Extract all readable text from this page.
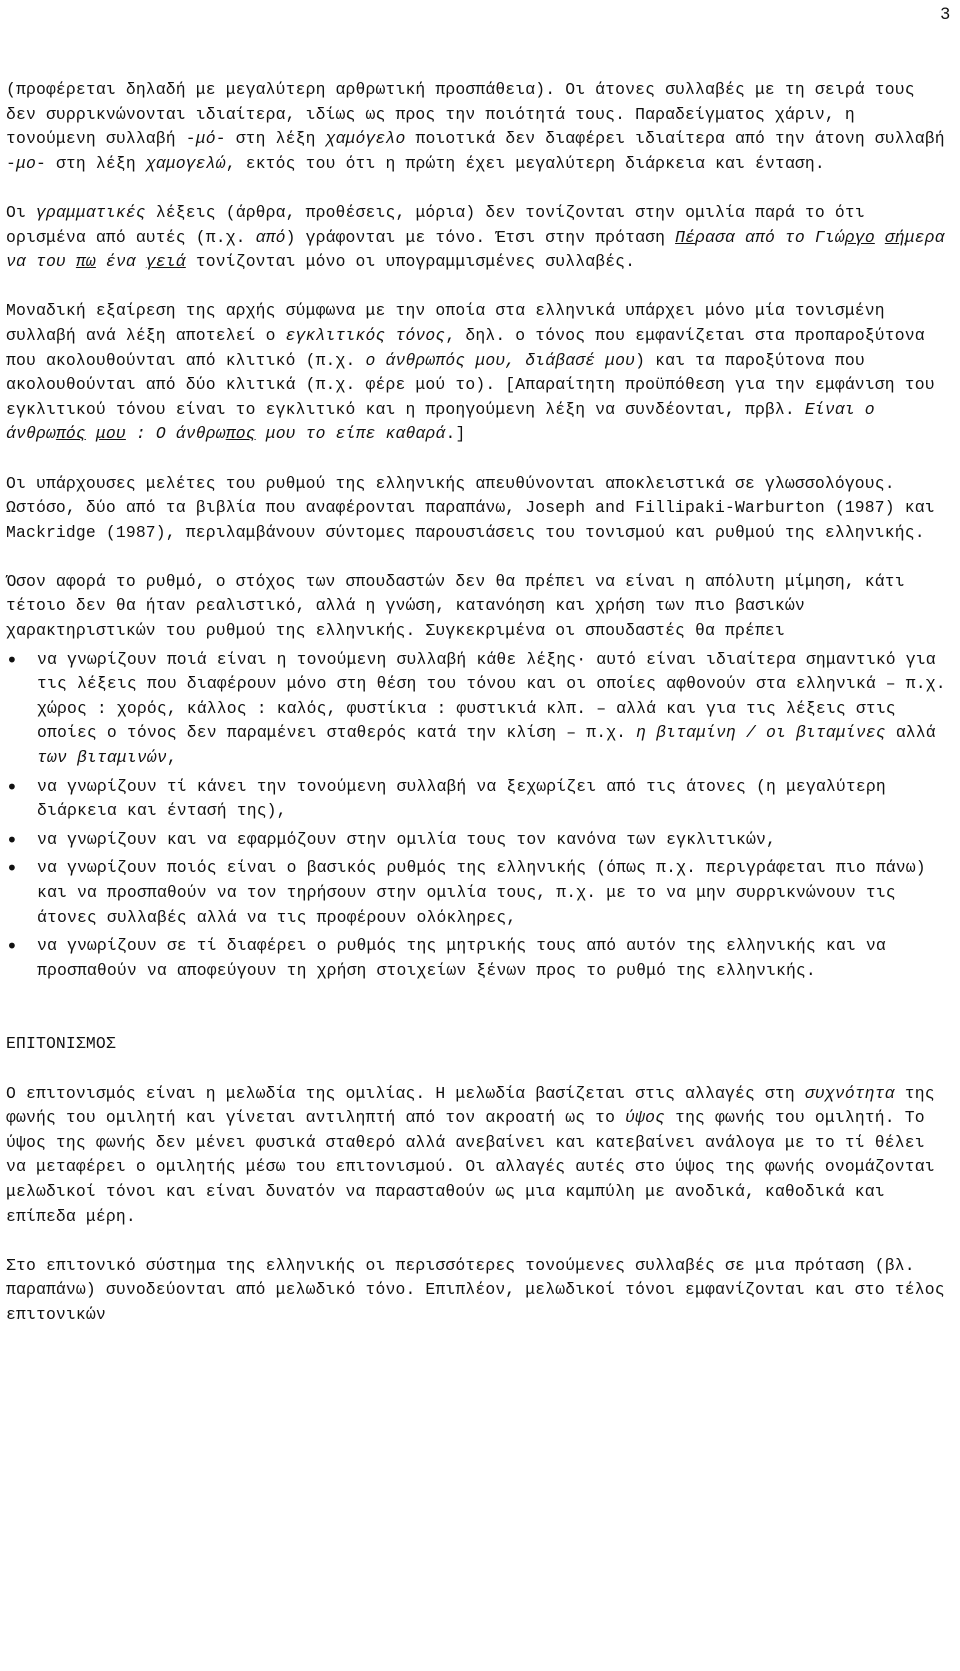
3

(προφέρεται δηλαδή με μεγαλύτερη αρθρωτική προσπάθεια). Οι άτονες συλλαβές με τη σειρά τους δεν συρρικνώνονται ιδιαίτερα, ιδίως ως προς την ποιότητά τους. Παραδείγματος χάριν, η τονούμενη συλλαβή -μό- στη λέξη χαμόγελο ποιοτικά δεν διαφέρει ιδιαίτερα από την άτονη συλλαβή -μο- στη λέξη χαμογελώ, εκτός του ότι η πρώτη έχει μεγαλύτερη διάρκεια και ένταση.

Οι γραμματικές λέξεις (άρθρα, προθέσεις, μόρια) δεν τονίζονται στην ομιλία παρά το ότι ορισμένα από αυτές (π.χ. από) γράφονται με τόνο. Έτσι στην πρόταση Πέρασα από το Γιώργο σήμερα να του πω ένα γειά τονίζονται μόνο οι υπογραμμισμένες συλλαβές.

Μοναδική εξαίρεση της αρχής σύμφωνα με την οποία στα ελληνικά υπάρχει μόνο μία τονισμένη συλλαβή ανά λέξη αποτελεί ο εγκλιτικός τόνος, δηλ. ο τόνος που εμφανίζεται στα προπαροξύτονα που ακολουθούνται από κλιτικό (π.χ. ο άνθρωπός μου, διάβασέ μου) και τα παροξύτονα που ακολουθούνται από δύο κλιτικά (π.χ. φέρε μού το). [Απαραίτητη προϋπόθεση για την εμφάνιση του εγκλιτικού τόνου είναι το εγκλιτικό και η προηγούμενη λέξη να συνδέονται, πρβλ. Είναι ο άνθρωπός μου : Ο άνθρωπος μου το είπε καθαρά.]

Οι υπάρχουσες μελέτες του ρυθμού της ελληνικής απευθύνονται αποκλειστικά σε γλωσσολόγους. Ωστόσο, δύο από τα βιβλία που αναφέρονται παραπάνω, Joseph and Fillipaki-Warburton (1987) και Mackridge (1987), περιλαμβάνουν σύντομες παρουσιάσεις του τονισμού και ρυθμού της ελληνικής.

Όσον αφορά το ρυθμό, ο στόχος των σπουδαστών δεν θα πρέπει να είναι η απόλυτη μίμηση, κάτι τέτοιο δεν θα ήταν ρεαλιστικό, αλλά η γνώση, κατανόηση και χρήση των πιο βασικών χαρακτηριστικών του ρυθμού της ελληνικής. Συγκεκριμένα οι σπουδαστές θα πρέπει

• να γνωρίζουν ποιά είναι η τονούμενη συλλαβή κάθε λέξης· αυτό είναι ιδιαίτερα σημαντικό για τις λέξεις που διαφέρουν μόνο στη θέση του τόνου και οι οποίες αφθονούν στα ελληνικά – π.χ. χώρος : χορός, κάλλος : καλός, φυστίκια : φυστικιά κλπ. – αλλά και για τις λέξεις στις οποίες ο τόνος δεν παραμένει σταθερός κατά την κλίση – π.χ. η βιταμίνη / οι βιταμίνες αλλά των βιταμινών,
• να γνωρίζουν τί κάνει την τονούμενη συλλαβή να ξεχωρίζει από τις άτονες (η μεγαλύτερη διάρκεια και έντασή της),
• να γνωρίζουν και να εφαρμόζουν στην ομιλία τους τον κανόνα των εγκλιτικών,
• να γνωρίζουν ποιός είναι ο βασικός ρυθμός της ελληνικής (όπως π.χ. περιγράφεται πιο πάνω) και να προσπαθούν να τον τηρήσουν στην ομιλία τους, π.χ. με το να μην συρρικνώνουν τις άτονες συλλαβές αλλά να τις προφέρουν ολόκληρες,
• να γνωρίζουν σε τί διαφέρει ο ρυθμός της μητρικής τους από αυτόν της ελληνικής και να προσπαθούν να αποφεύγουν τη χρήση στοιχείων ξένων προς το ρυθμό της ελληνικής.
ΕΠΙΤΟΝΙΣΜΟΣ

Ο επιτονισμός είναι η μελωδία της ομιλίας. Η μελωδία βασίζεται στις αλλαγές στη συχνότητα της φωνής του ομιλητή και γίνεται αντιληπτή από τον ακροατή ως το ύψος της φωνής του ομιλητή. Το ύψος της φωνής δεν μένει φυσικά σταθερό αλλά ανεβαίνει και κατεβαίνει ανάλογα με το τί θέλει να μεταφέρει ο ομιλητής μέσω του επιτονισμού. Οι αλλαγές αυτές στο ύψος της φωνής ονομάζονται μελωδικοί τόνοι και είναι δυνατόν να παρασταθούν ως μια καμπύλη με ανοδικά, καθοδικά και επίπεδα μέρη.

Στο επιτονικό σύστημα της ελληνικής οι περισσότερες τονούμενες συλλαβές σε μια πρόταση (βλ. παραπάνω) συνοδεύονται από μελωδικό τόνο. Επιπλέον, μελωδικοί τόνοι εμφανίζονται και στο τέλος επιτονικών
